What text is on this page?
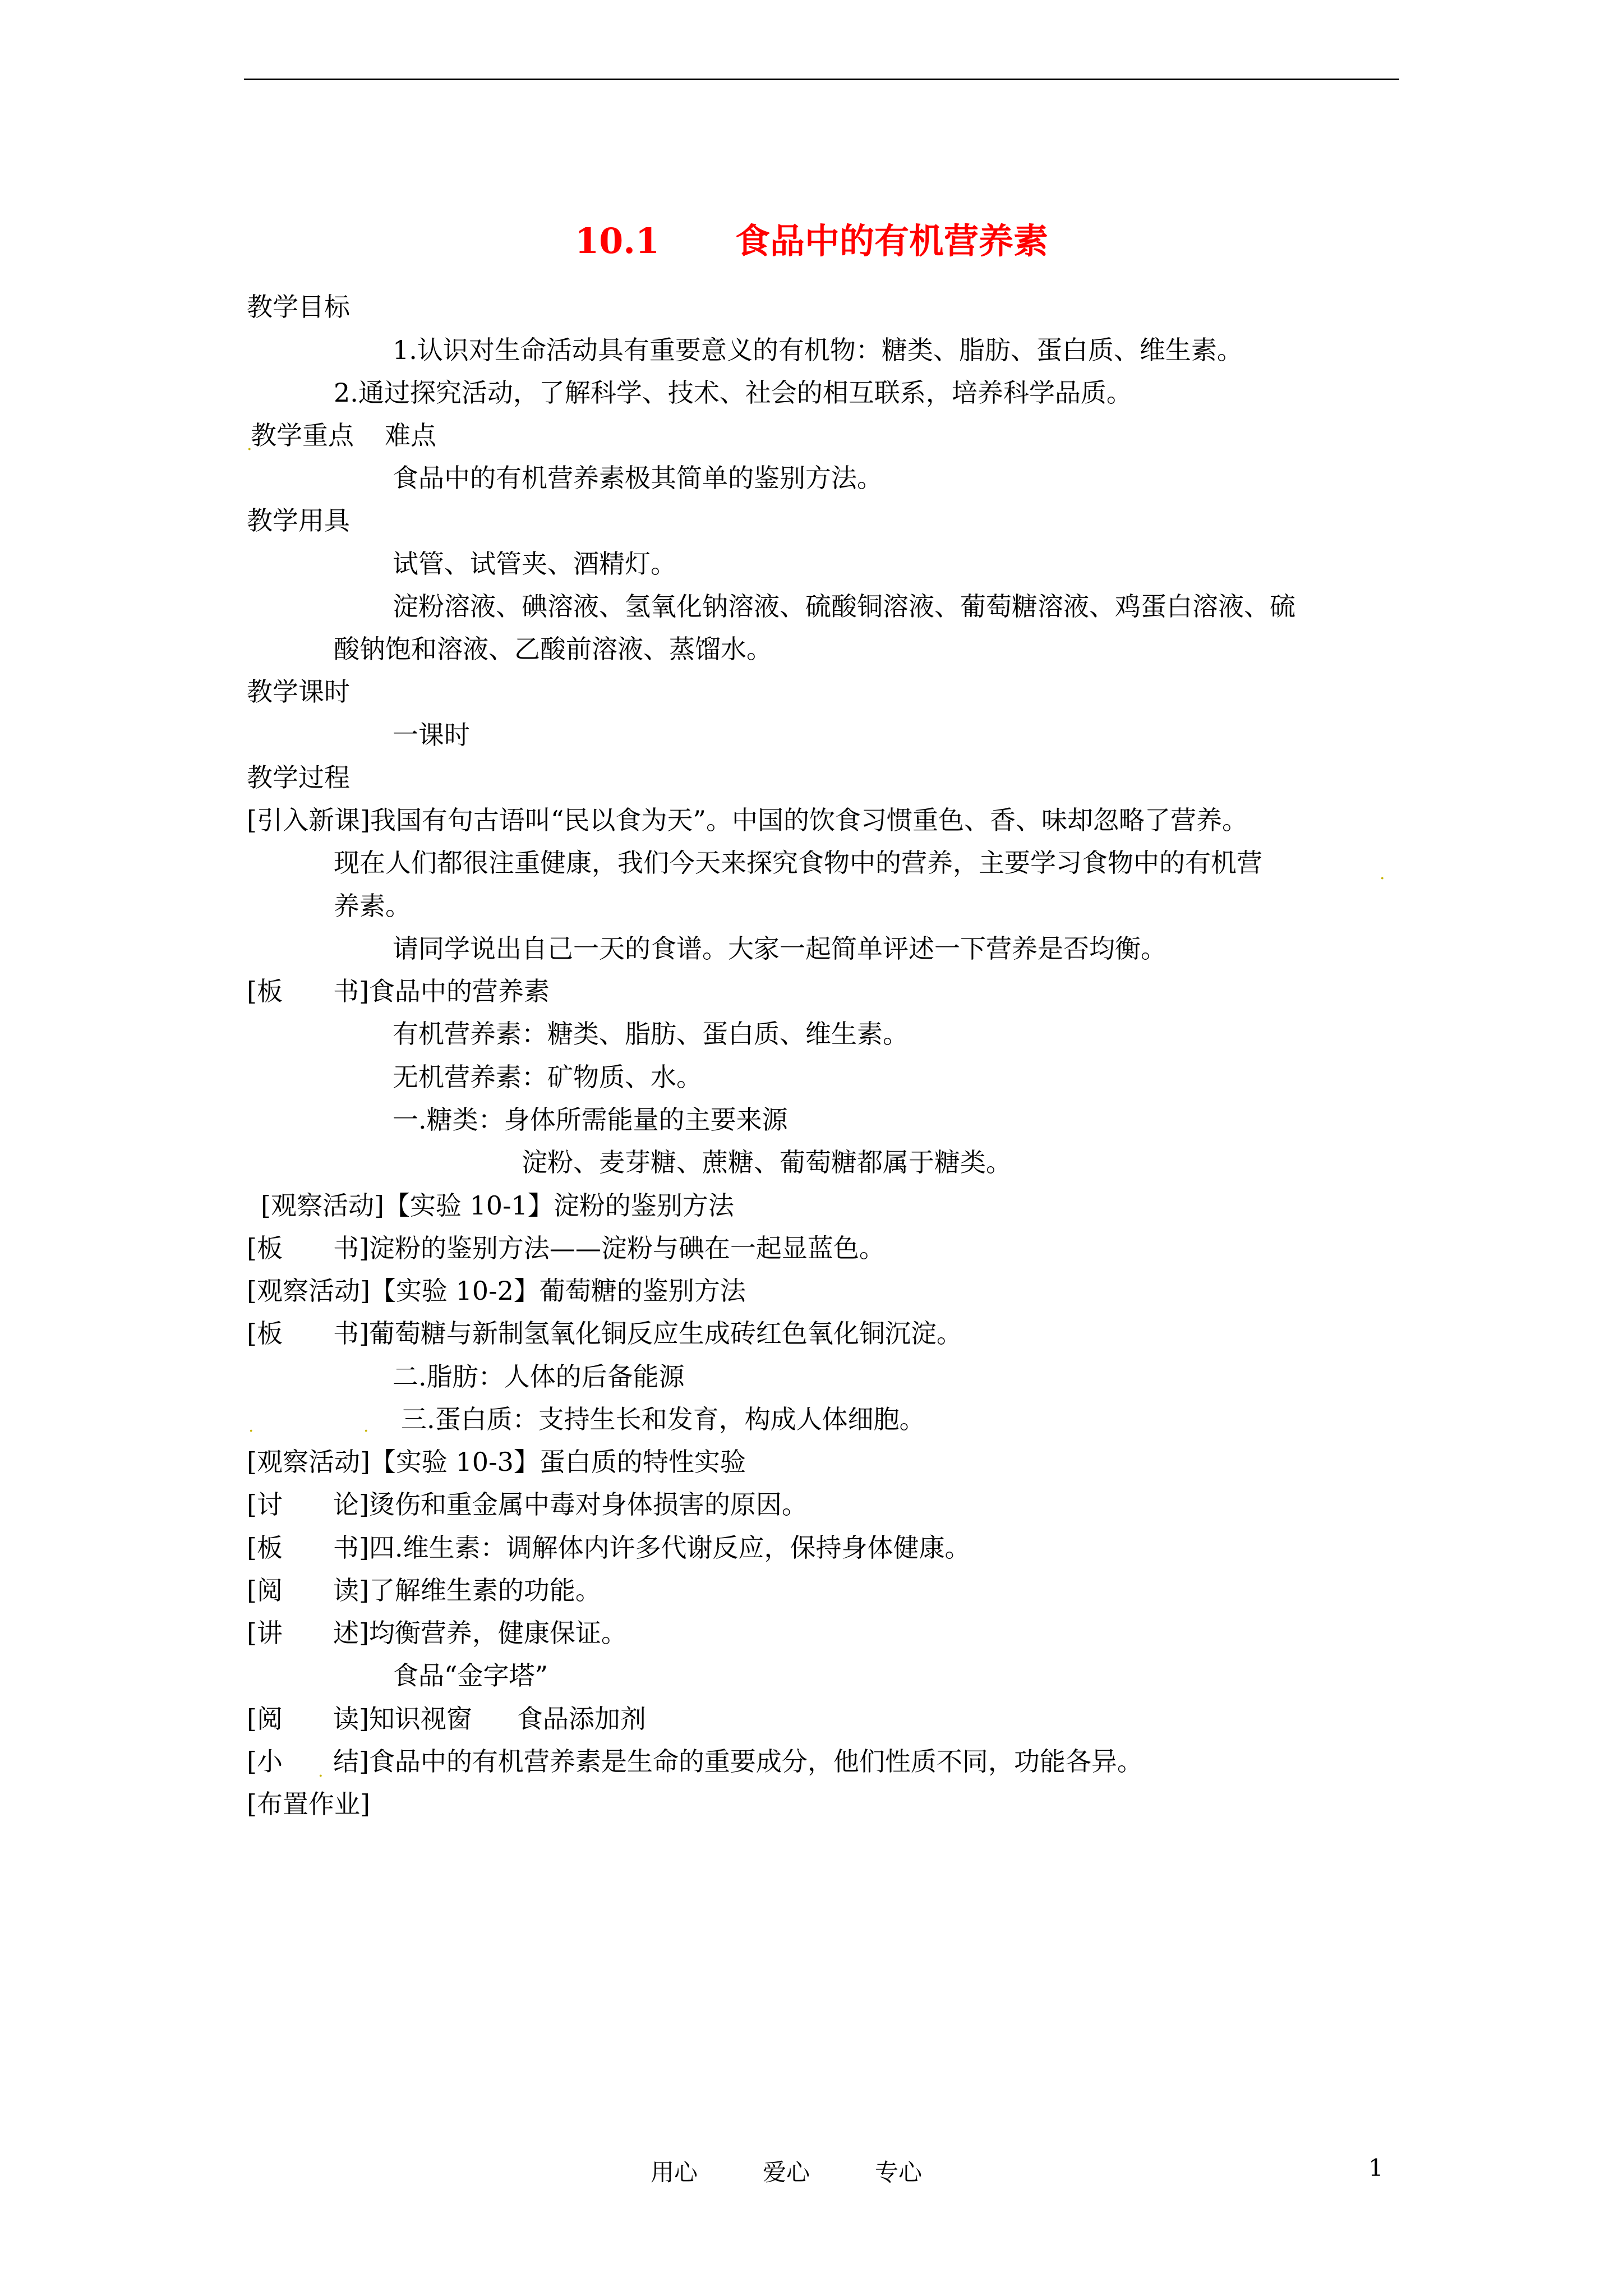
10.1 食品中的有机营养素
教学目标
1.认识对生命活动具有重要意义的有机物：糖类、脂肪、蛋白质、维生素。
2.通过探究活动，了解科学、技术、社会的相互联系，培养科学品质。
教学重点 难点
食品中的有机营养素极其简单的鉴别方法。
教学用具
试管、试管夹、酒精灯。
淀粉溶液、碘溶液、氢氧化钠溶液、硫酸铜溶液、葡萄糖溶液、鸡蛋白溶液、硫
酸钠饱和溶液、乙酸前溶液、蒸馏水。
教学课时
一课时
教学过程
[引入新课]我国有句古语叫“民以食为天”。中国的饮食习惯重色、香、味却忽略了营养。
现在人们都很注重健康，我们今天来探究食物中的营养，主要学习食物中的有机营
养素。
请同学说出自己一天的食谱。大家一起简单评述一下营养是否均衡。
[板 书]食品中的营养素
有机营养素：糖类、脂肪、蛋白质、维生素。
无机营养素：矿物质、水。
一.糖类：身体所需能量的主要来源
淀粉、麦芽糖、蔗糖、葡萄糖都属于糖类。
[观察活动]【实验 10-1】淀粉的鉴别方法
[板 书]淀粉的鉴别方法——淀粉与碘在一起显蓝色。
[观察活动]【实验 10-2】葡萄糖的鉴别方法
[板 书]葡萄糖与新制氢氧化铜反应生成砖红色氧化铜沉淀。
二.脂肪：人体的后备能源
三.蛋白质：支持生长和发育，构成人体细胞。
[观察活动]【实验 10-3】蛋白质的特性实验
[讨 论]烫伤和重金属中毒对身体损害的原因。
[板 书]四.维生素：调解体内许多代谢反应，保持身体健康。
[阅 读]了解维生素的功能。
[讲 述]均衡营养，健康保证。
食品“金字塔”
[阅 读]知识视窗 食品添加剂
[小 结]食品中的有机营养素是生命的重要成分，他们性质不同，功能各异。
[布置作业]
.
.
.	.
.
用心	爱心	专心	1
